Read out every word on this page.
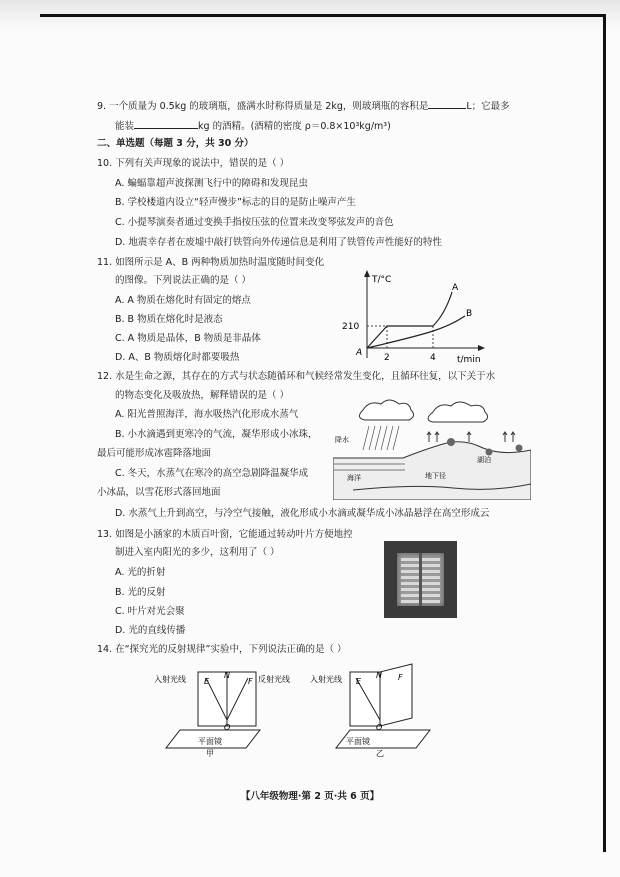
9. 一个质量为 0.5kg 的玻璃瓶，盛满水时称得质量是 2kg，则玻璃瓶的容积是	L；它最多
能装	kg 的酒精。(酒精的密度 ρ＝0.8×10³kg/m³)
二、单选题（每题 3 分，共 30 分）
10. 下列有关声现象的说法中，错误的是（ ）
A. 蝙蝠靠超声波探测飞行中的障碍和发现昆虫
B. 学校楼道内设立“轻声慢步”标志的目的是防止噪声产生
C. 小提琴演奏者通过变换手指按压弦的位置来改变琴弦发声的音色
D. 地震幸存者在废墟中敲打铁管向外传递信息是利用了铁管传声性能好的特性
11. 如图所示是 A、B 两种物质加热时温度随时间变化
的图像。下列说法正确的是（ ）
A. A 物质在熔化时有固定的熔点
B. B 物质在熔化时是液态
C. A 物质是晶体，B 物质是非晶体
D. A、B 物质熔化时都要吸热
T/°C
t/min
210
2	4
A
B
A
12. 水是生命之源，其存在的方式与状态随循环和气候经常发生变化，且循环往复，以下关于水
的物态变化及吸放热，解释错误的是（ ）
A. 阳光普照海洋，海水吸热汽化形成水蒸气
B. 小水滴遇到更寒冷的气流，凝华形成小冰珠，
最后可能形成冰雹降落地面
C. 冬天，水蒸气在寒冷的高空急剧降温凝华成
小冰晶，以雪花形式落回地面
D. 水蒸气上升到高空，与冷空气接触，液化形成小水滴或凝华成小冰晶悬浮在高空形成云
降水
海洋	地下径
湖泊
13. 如图是小涵家的木质百叶窗，它能通过转动叶片方便地控
制进入室内阳光的多少，这利用了（ ）
A. 光的折射
B. 光的反射
C. 叶片对光会聚
D. 光的直线传播
14. 在“探究光的反射规律”实验中，下列说法正确的是（ ）
平面镜
E
N
F
O
入射光线	反射光线
甲
平面镜
E
N F
O
入射光线
乙
【八年级物理·第 2 页·共 6 页】
